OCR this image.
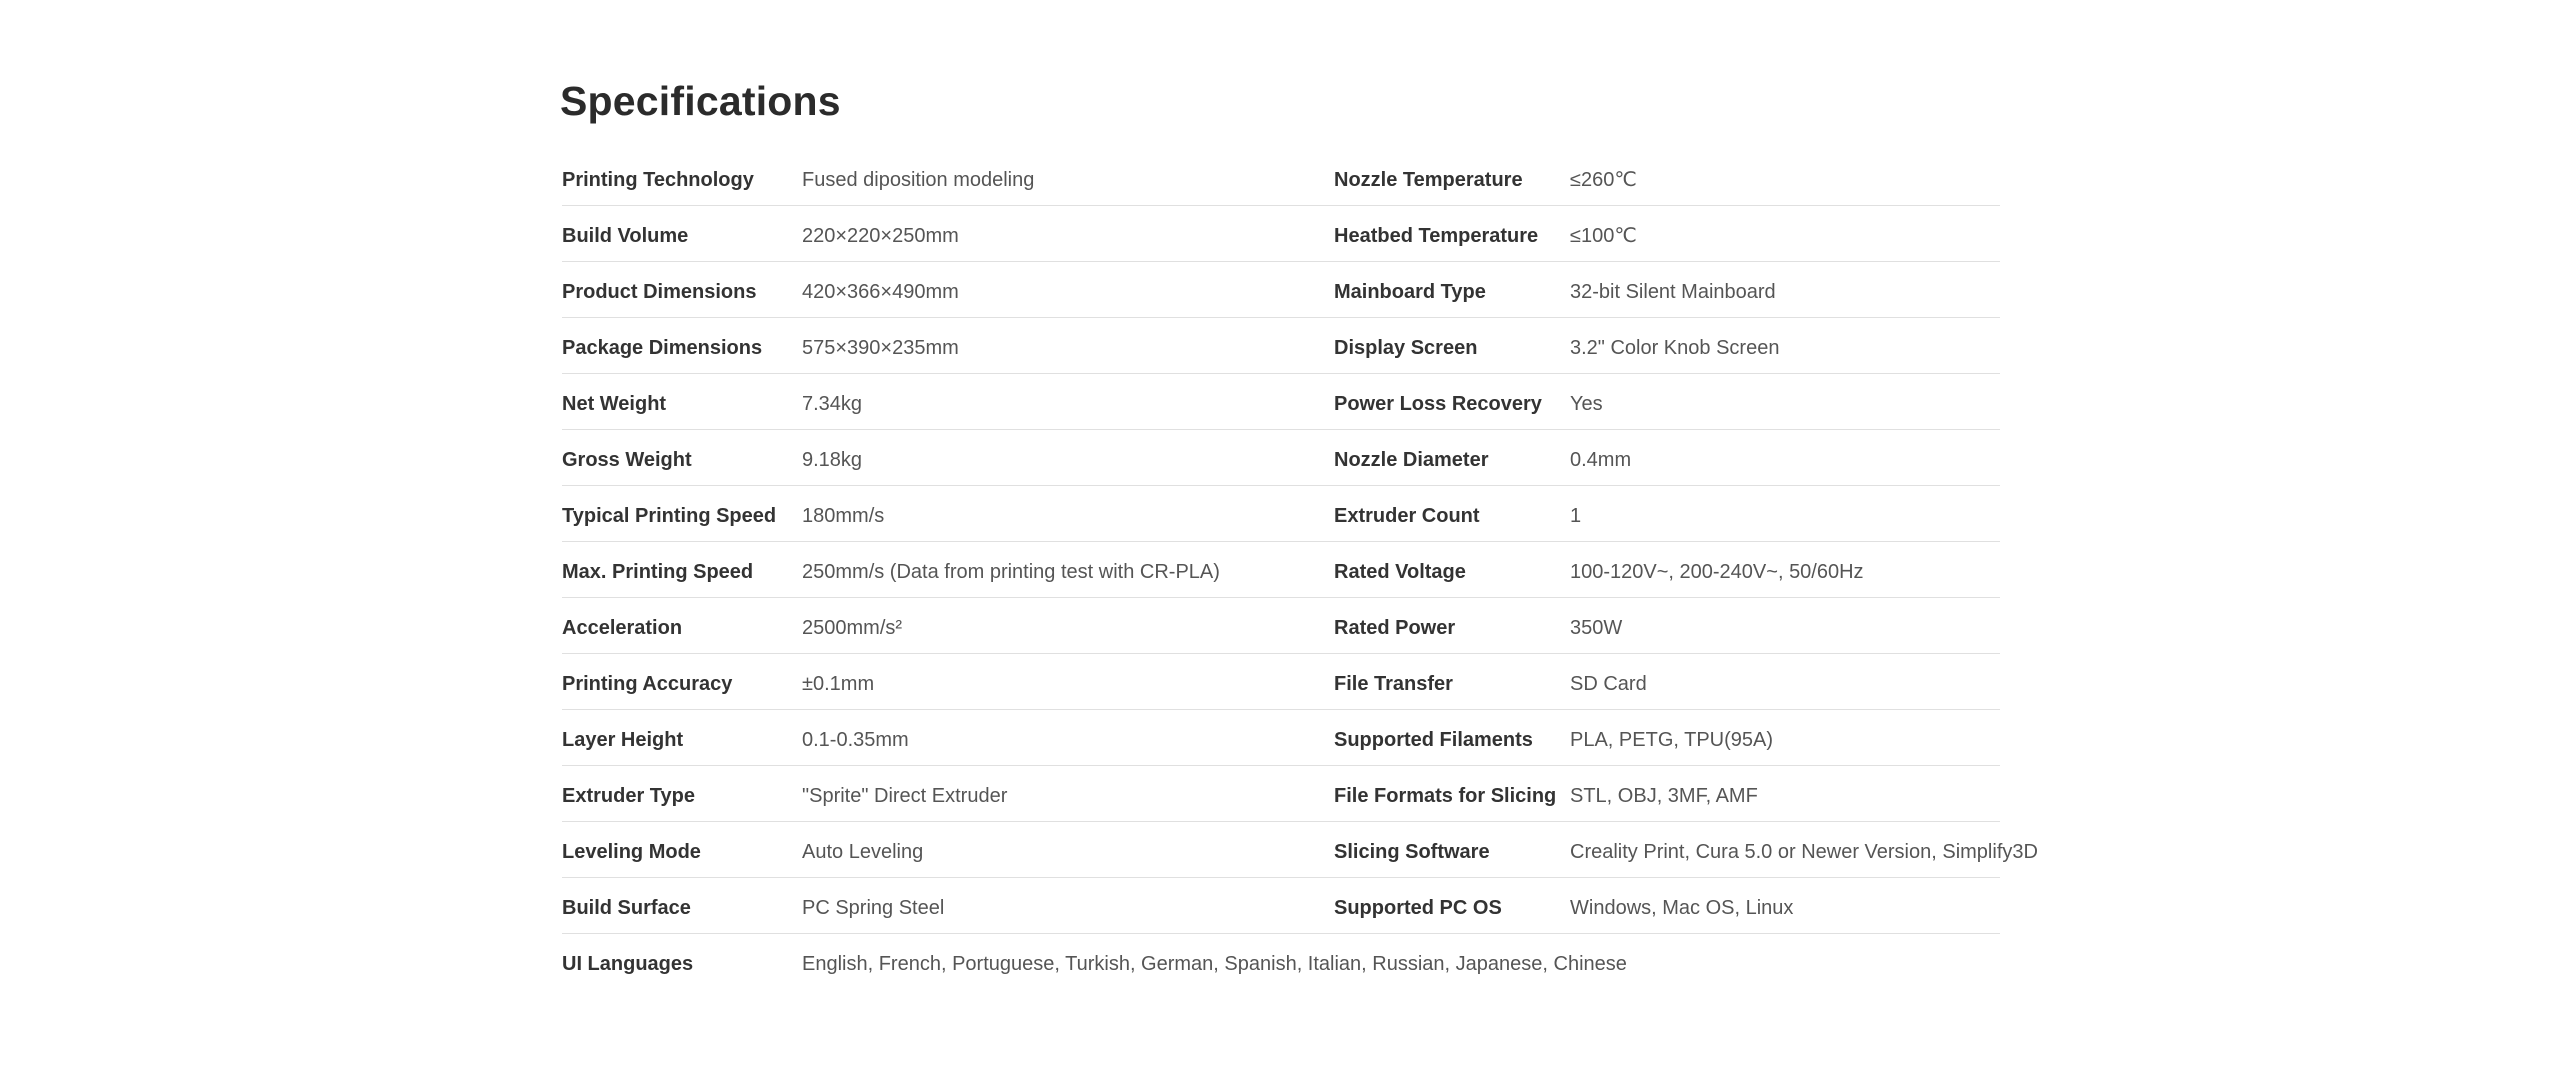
Specifications
Printing Technology Fused diposition modeling	Nozzle Temperature ≤260℃
Build Volume	220×220×250mm	Heatbed Temperature ≤100℃
Product Dimensions 420×366×490mm	Mainboard Type	32-bit Silent Mainboard
Package Dimensions 575×390×235mm	Display Screen	3.2" Color Knob Screen
Net Weight	7.34kg	Power Loss Recovery Yes
Gross Weight	9.18kg	Nozzle Diameter	0.4mm
Typical Printing Speed 180mm/s	Extruder Count	1
Max. Printing Speed 250mm/s (Data from printing test with CR-PLA)	Rated Voltage	100-120V~, 200-240V~, 50/60Hz
Acceleration	2500mm/s²	Rated Power	350W
Printing Accuracy	±0.1mm	File Transfer	SD Card
Layer Height	0.1-0.35mm	Supported Filaments PLA, PETG, TPU(95A)
Extruder Type	"Sprite" Direct Extruder	File Formats for Slicing STL, OBJ, 3MF, AMF
Leveling Mode	Auto Leveling	Slicing Software	Creality Print, Cura 5.0 or Newer Version, Simplify3D
Build Surface	PC Spring Steel	Supported PC OS	Windows, Mac OS, Linux
UI Languages	English, French, Portuguese, Turkish, German, Spanish, Italian, Russian, Japanese, Chinese
